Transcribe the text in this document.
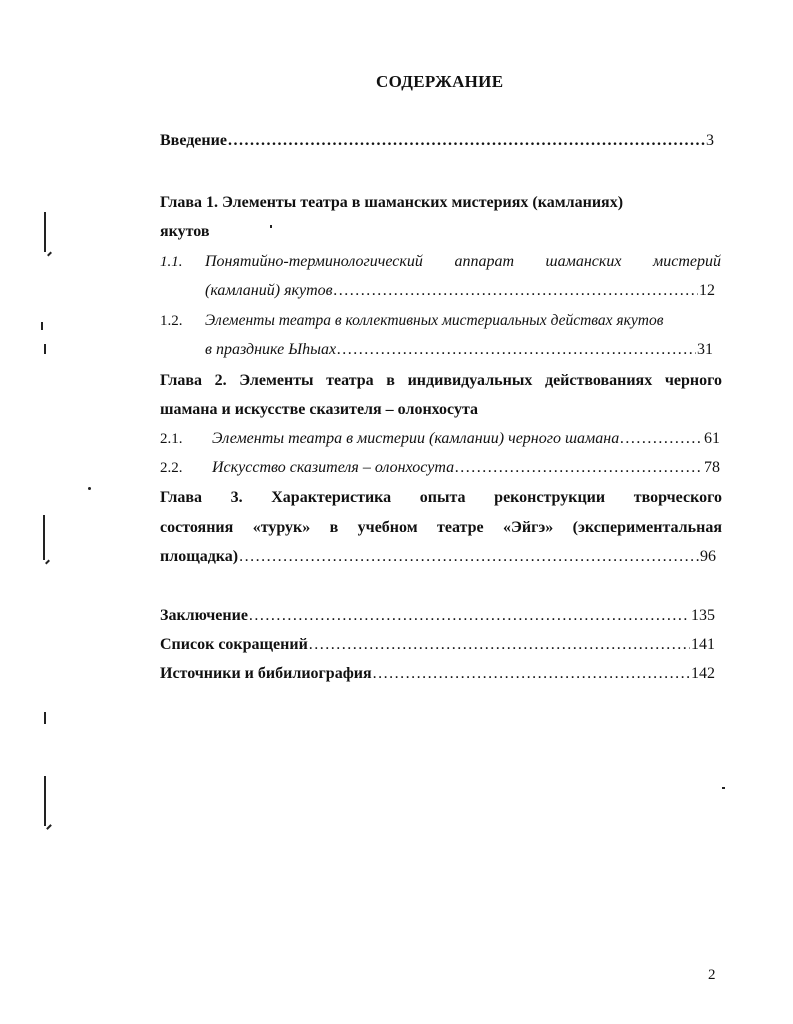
СОДЕРЖАНИЕ
Введение .....	3
Глава 1. Элементы театра в шаманских мистериях (камланиях)
якутов
1.1. Понятийно-терминологический аппарат шаманских мистерий
(камланий) якутов .....	12
1.2. Элементы театра в коллективных мистериальных действах якутов
в празднике Ыhыах .....	31
Глава 2. Элементы театра в индивидуальных действованиях черного
шамана и искусстве сказителя – олонхосута
2.1. Элементы театра в мистерии (камлании) черного шамана .....	61
2.2. Искусство сказителя – олонхосута .....	78
Глава 3. Характеристика опыта реконструкции творческого
состояния «турук» в учебном театре «Эйгэ» (экспериментальная
площадка) .....	96
Заключение .....	135
Список сокращений .....	141
Источники и бибилиография .....	142
2
